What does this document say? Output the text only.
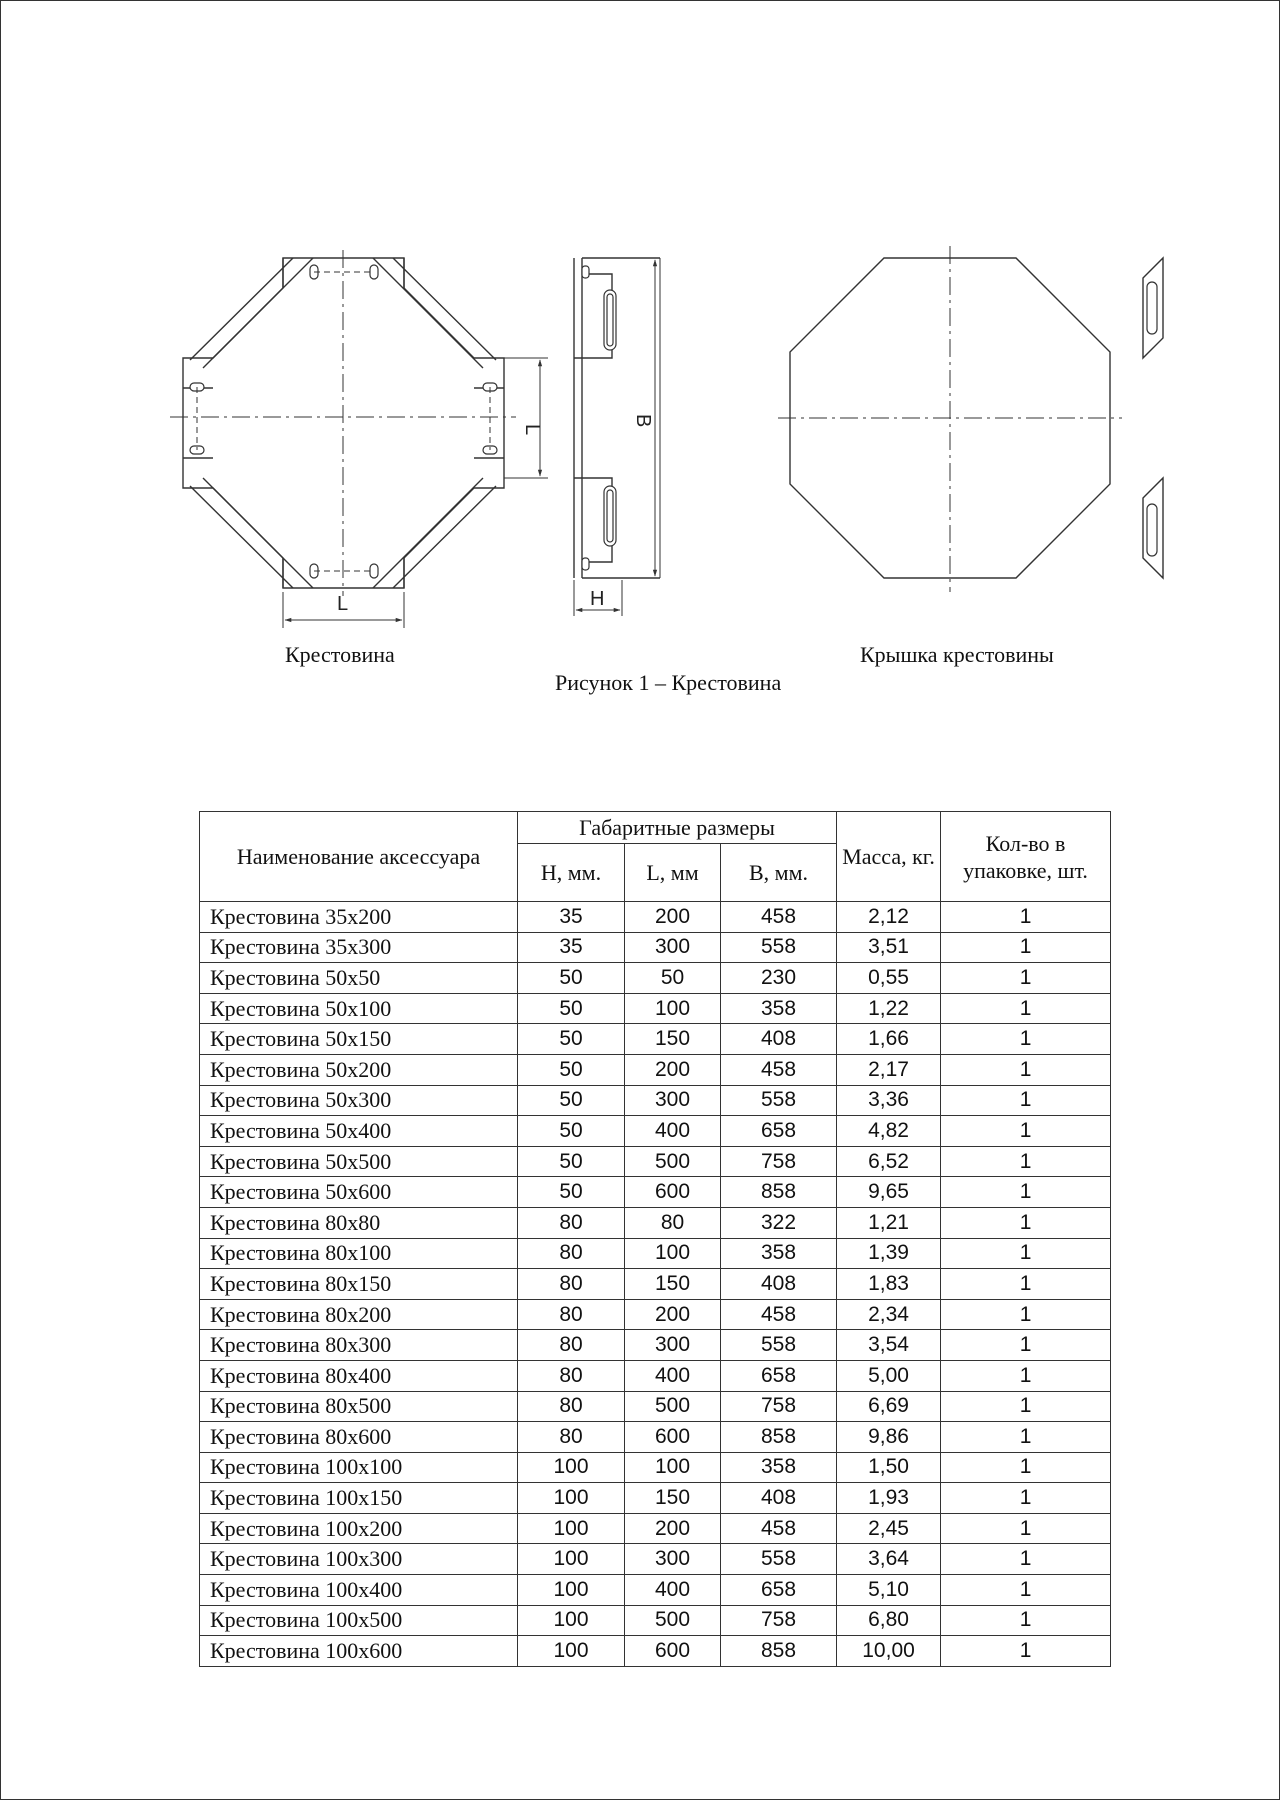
L
L
B
H
Крестовина	Крышка крестовины
Рисунок 1 – Крестовина
Наименование аксессуара	Габаритные размеры			Масса, кг.	Кол-во в упаковке, шт.
	Н, мм.	L, мм	В, мм.		
Крестовина 35х200	35	200	458	2,12	1
Крестовина 35х300	35	300	558	3,51	1
Крестовина 50х50	50	50	230	0,55	1
Крестовина 50х100	50	100	358	1,22	1
Крестовина 50х150	50	150	408	1,66	1
Крестовина 50х200	50	200	458	2,17	1
Крестовина 50х300	50	300	558	3,36	1
Крестовина 50х400	50	400	658	4,82	1
Крестовина 50х500	50	500	758	6,52	1
Крестовина 50х600	50	600	858	9,65	1
Крестовина 80х80	80	80	322	1,21	1
Крестовина 80х100	80	100	358	1,39	1
Крестовина 80х150	80	150	408	1,83	1
Крестовина 80х200	80	200	458	2,34	1
Крестовина 80х300	80	300	558	3,54	1
Крестовина 80х400	80	400	658	5,00	1
Крестовина 80х500	80	500	758	6,69	1
Крестовина 80х600	80	600	858	9,86	1
Крестовина 100х100	100	100	358	1,50	1
Крестовина 100х150	100	150	408	1,93	1
Крестовина 100х200	100	200	458	2,45	1
Крестовина 100х300	100	300	558	3,64	1
Крестовина 100х400	100	400	658	5,10	1
Крестовина 100х500	100	500	758	6,80	1
Крестовина 100х600	100	600	858	10,00	1
